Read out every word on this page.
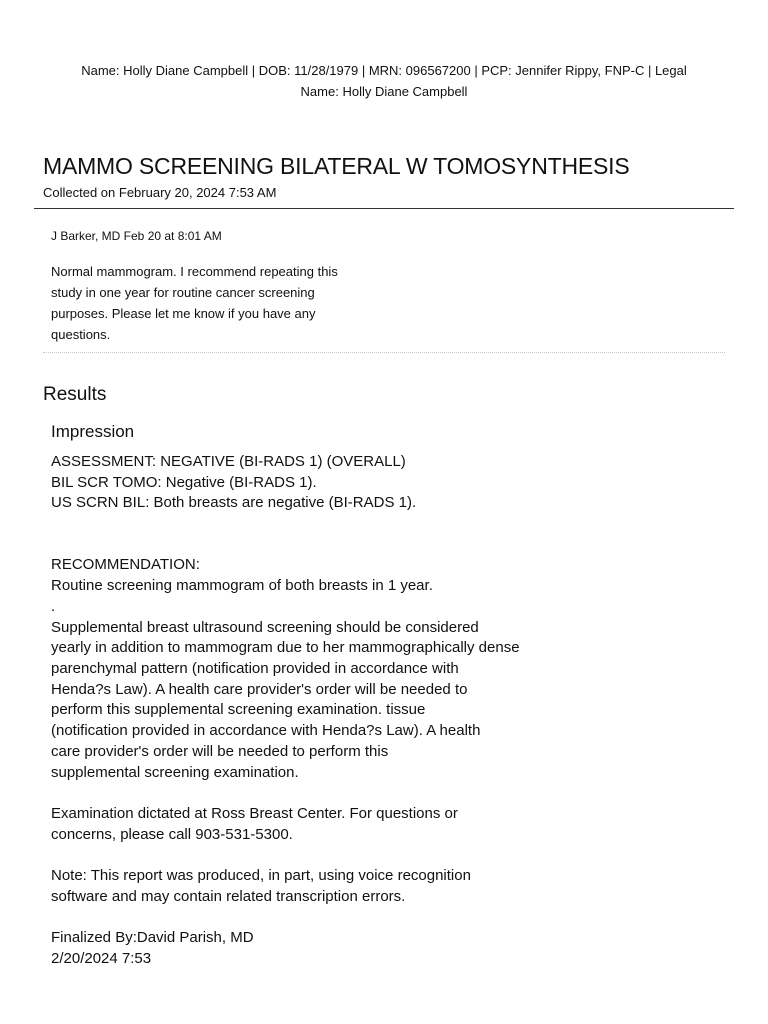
Name: Holly Diane Campbell | DOB: 11/28/1979 | MRN: 096567200 | PCP: Jennifer Rippy, FNP-C | Legal
Name: Holly Diane Campbell
MAMMO SCREENING BILATERAL W TOMOSYNTHESIS
Collected on February 20, 2024 7:53 AM
J Barker, MD Feb 20 at 8:01 AM
Normal mammogram. I recommend repeating this
study in one year for routine cancer screening
purposes. Please let me know if you have any
questions.
Results
Impression
ASSESSMENT: NEGATIVE (BI-RADS 1) (OVERALL)
BIL SCR TOMO: Negative (BI-RADS 1).
US SCRN BIL: Both breasts are negative (BI-RADS 1).
RECOMMENDATION:
Routine screening mammogram of both breasts in 1 year.
.
Supplemental breast ultrasound screening should be considered
yearly in addition to mammogram due to her mammographically dense
parenchymal pattern (notification provided in accordance with
Henda?s Law). A health care provider's order will be needed to
perform this supplemental screening examination. tissue
(notification provided in accordance with Henda?s Law). A health
care provider's order will be needed to perform this
supplemental screening examination.
Examination dictated at Ross Breast Center. For questions or
concerns, please call 903-531-5300.
Note: This report was produced, in part, using voice recognition
software and may contain related transcription errors.
Finalized By:David Parish, MD
2/20/2024 7:53
